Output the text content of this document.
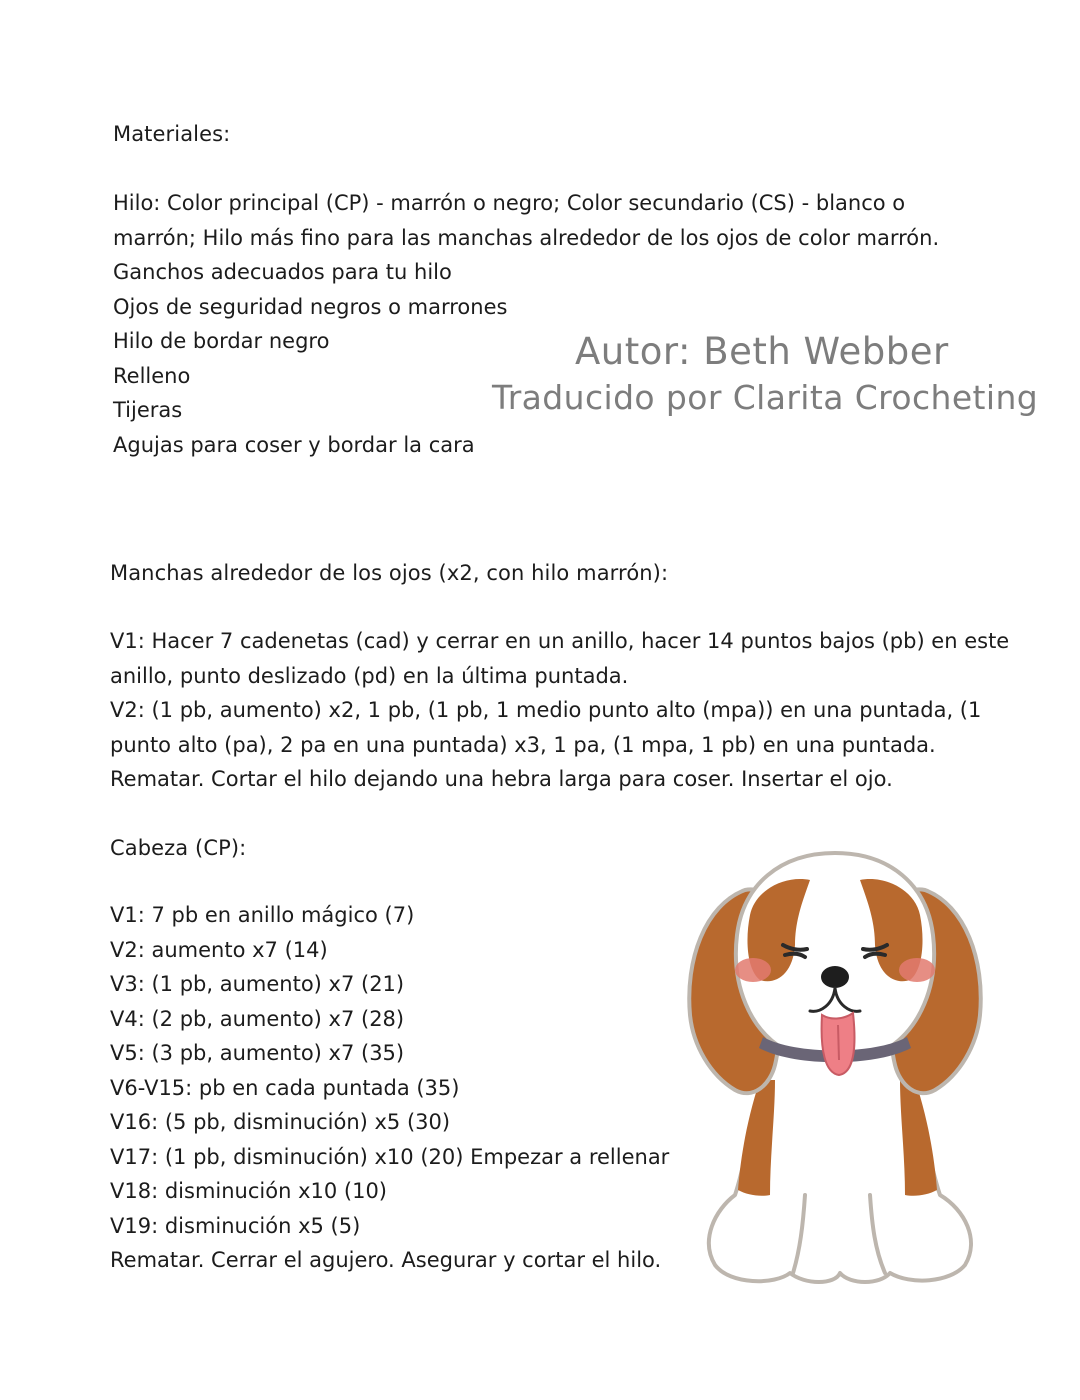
Materiales:
Hilo: Color principal (CP) - marrón o negro; Color secundario (CS) - blanco o
marrón; Hilo más fino para las manchas alrededor de los ojos de color marrón.
Ganchos adecuados para tu hilo
Ojos de seguridad negros o marrones
Hilo de bordar negro
Relleno
Tijeras
Agujas para coser y bordar la cara
Autor: Beth Webber
Traducido por Clarita Crocheting
Manchas alrededor de los ojos (x2, con hilo marrón):
V1: Hacer 7 cadenetas (cad) y cerrar en un anillo, hacer 14 puntos bajos (pb) en este
anillo, punto deslizado (pd) en la última puntada.
V2: (1 pb, aumento) x2, 1 pb, (1 pb, 1 medio punto alto (mpa)) en una puntada, (1
punto alto (pa), 2 pa en una puntada) x3, 1 pa, (1 mpa, 1 pb) en una puntada.
Rematar. Cortar el hilo dejando una hebra larga para coser. Insertar el ojo.
Cabeza (CP):
V1: 7 pb en anillo mágico (7)
V2: aumento x7 (14)
V3: (1 pb, aumento) x7 (21)
V4: (2 pb, aumento) x7 (28)
V5: (3 pb, aumento) x7 (35)
V6-V15: pb en cada puntada (35)
V16: (5 pb, disminución) x5 (30)
V17: (1 pb, disminución) x10 (20) Empezar a rellenar
V18: disminución x10 (10)
V19: disminución x5 (5)
Rematar. Cerrar el agujero. Asegurar y cortar el hilo.
